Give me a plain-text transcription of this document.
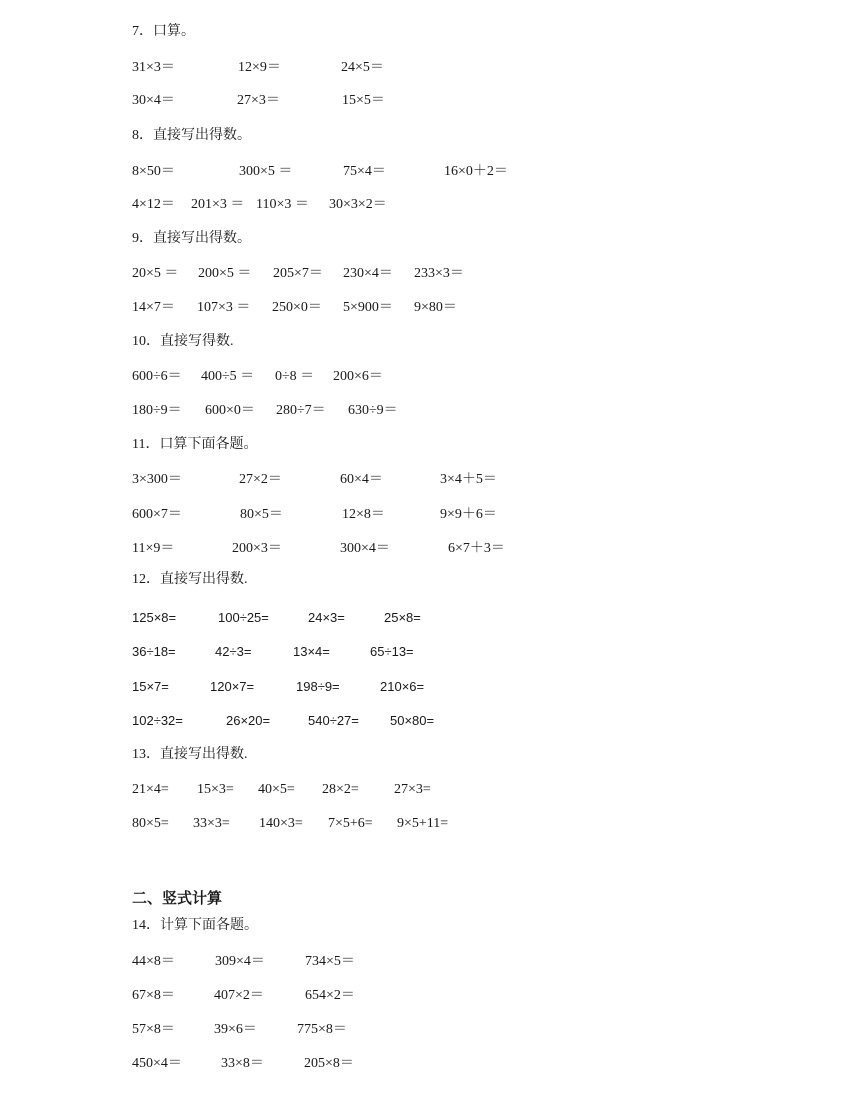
7．口算。
31×3＝	12×9＝	24×5＝
30×4＝	27×3＝	15×5＝
8．直接写出得数。
8×50＝	300×5 ＝	75×4＝	16×0＋2＝
4×12＝ 201×3 ＝ 110×3 ＝ 30×3×2＝
9．直接写出得数。
20×5 ＝ 200×5 ＝ 205×7＝ 230×4＝ 233×3＝
14×7＝ 107×3 ＝ 250×0＝ 5×900＝ 9×80＝
10．直接写得数.
600÷6＝ 400÷5 ＝ 0÷8 ＝ 200×6＝
180÷9＝ 600×0＝ 280÷7＝ 630÷9＝
11．口算下面各题。
3×300＝	27×2＝	60×4＝	3×4＋5＝
600×7＝	80×5＝	12×8＝	9×9＋6＝
11×9＝	200×3＝	300×4＝	6×7＋3＝
12．直接写出得数.
125×8=	100÷25=	24×3=	25×8=
36÷18=	42÷3=	13×4=	65÷13=
15×7=	120×7=	198÷9=	210×6=
102÷32=	26×20=	540÷27= 50×80=
13．直接写出得数.
21×4= 15×3= 40×5= 28×2=	27×3=
80×5= 33×3= 140×3= 7×5+6= 9×5+11=
二、竖式计算
14．计算下面各题。
44×8＝	309×4＝	734×5＝
67×8＝	407×2＝	654×2＝
57×8＝	39×6＝	775×8＝
450×4＝	33×8＝	205×8＝
